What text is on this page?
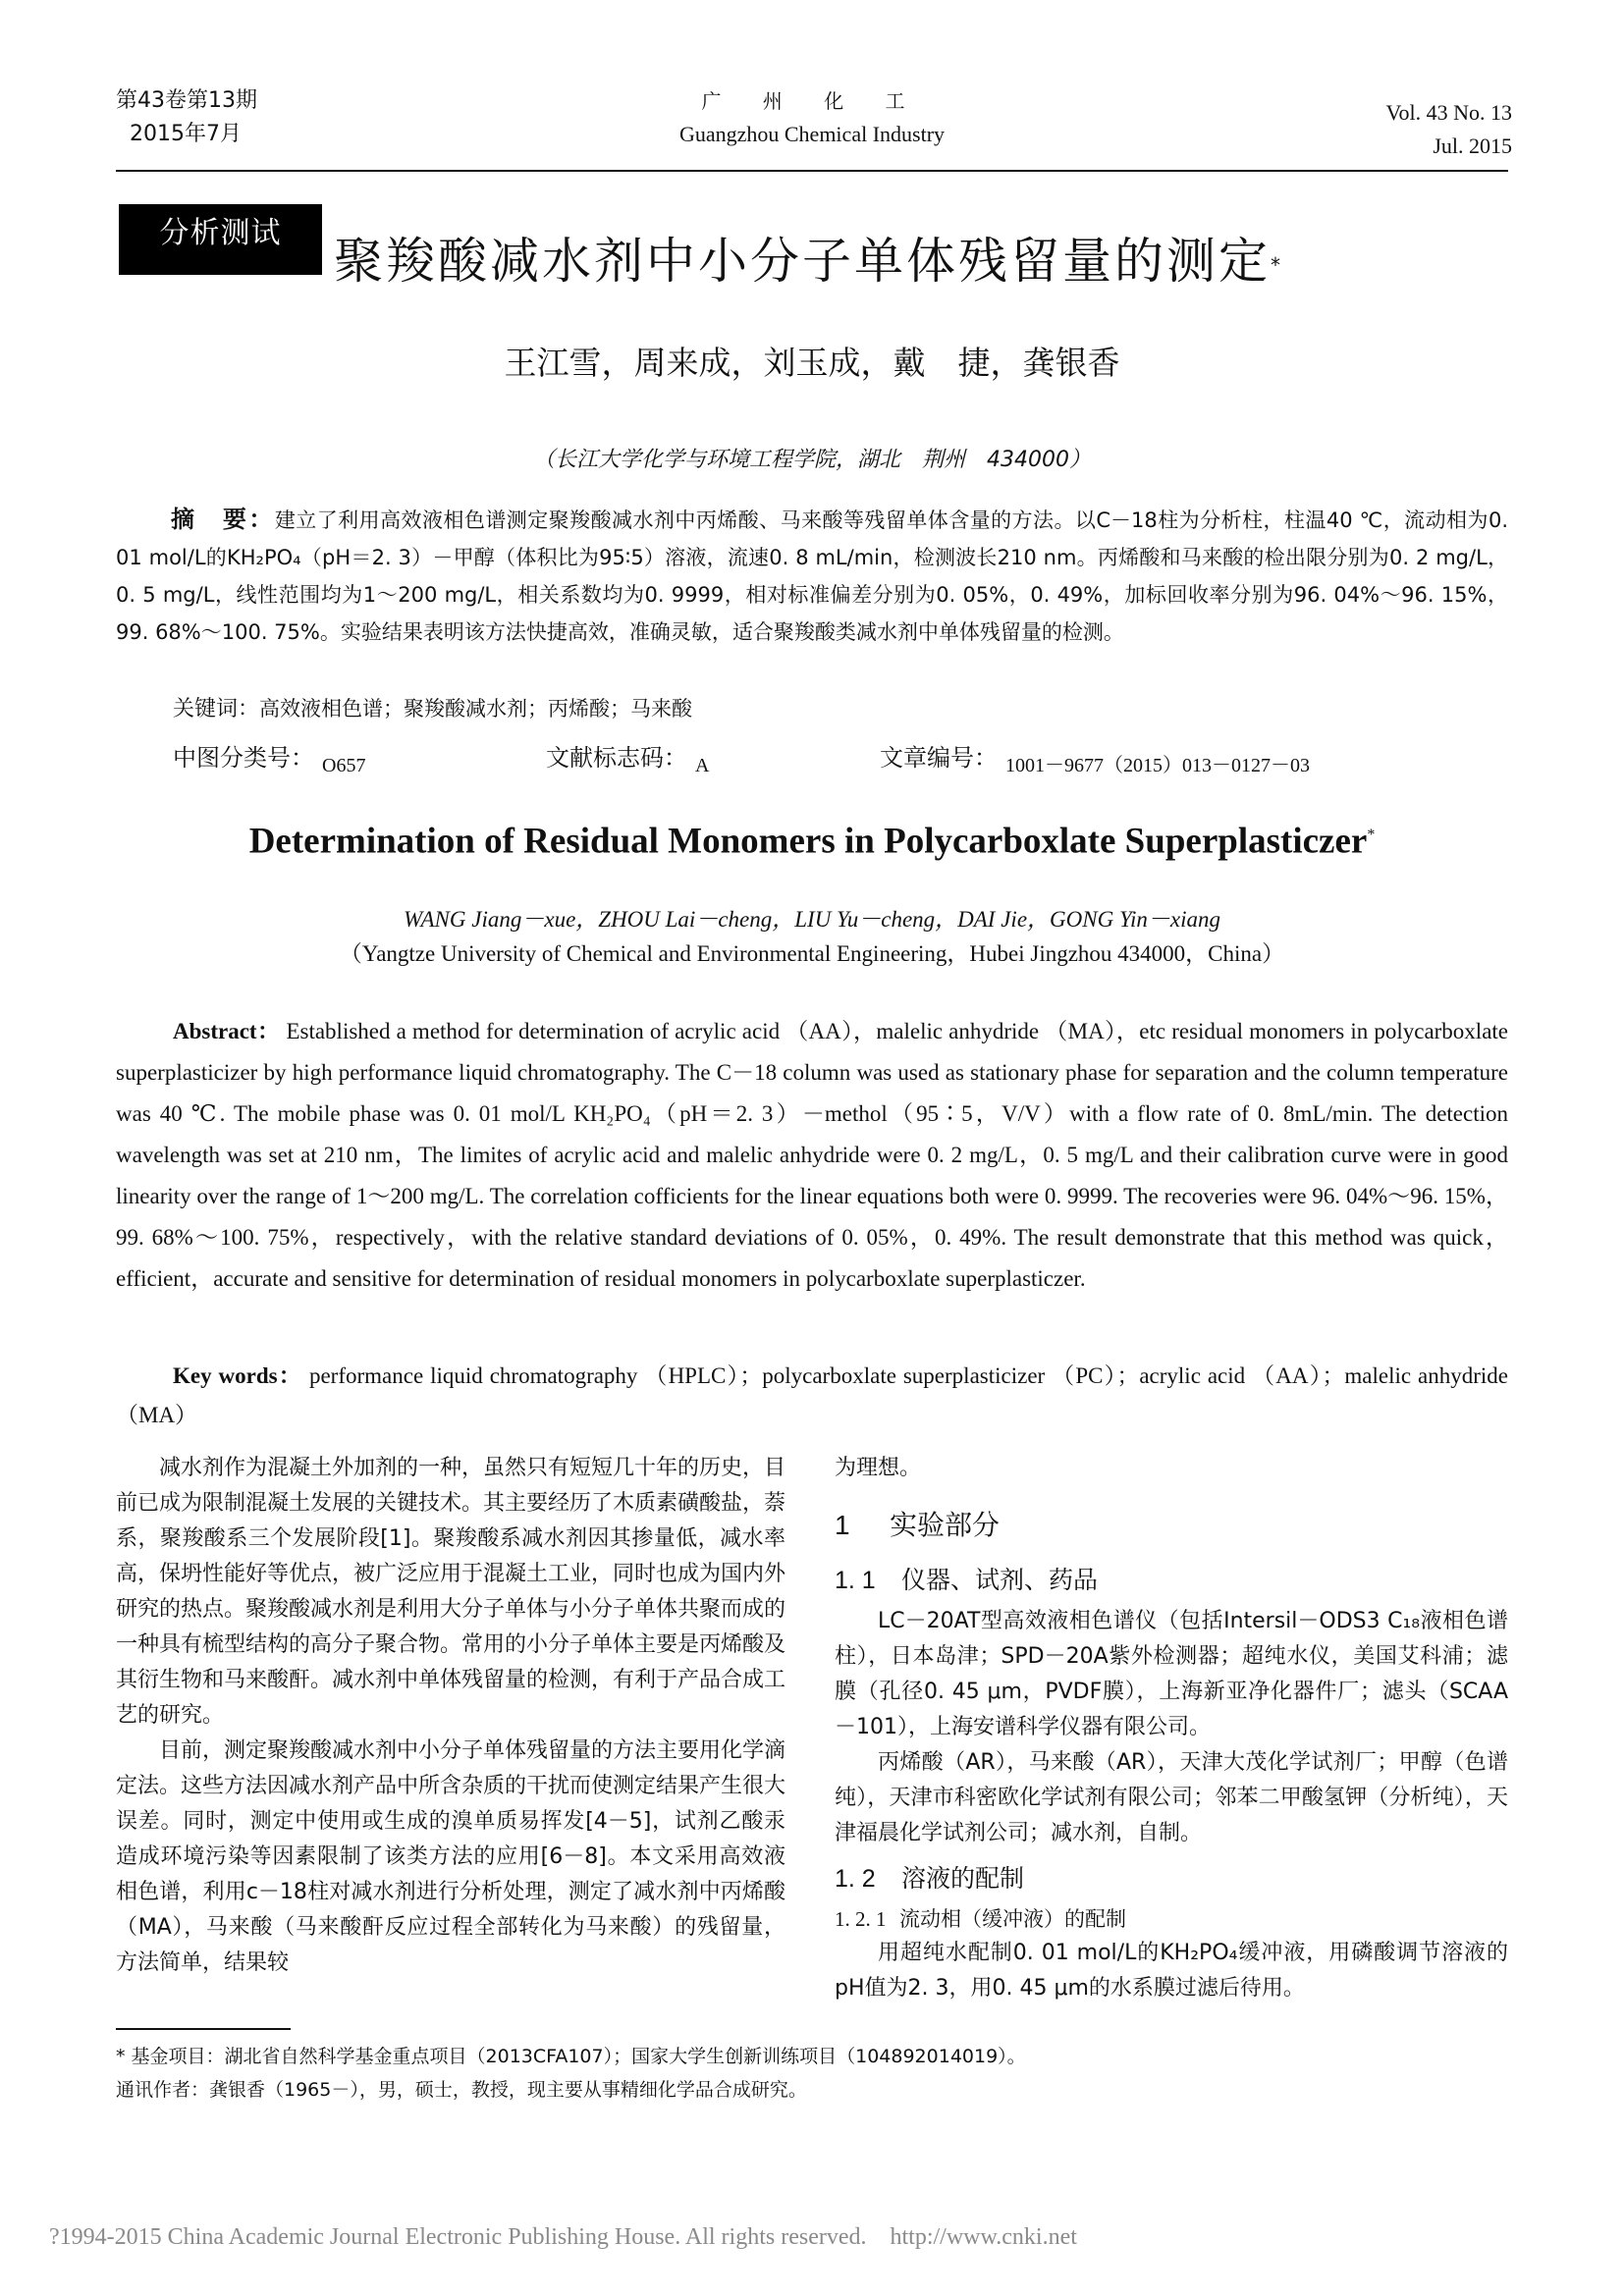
第43卷第13期
2015年7月
广 州 化 工
Guangzhou Chemical Industry
Vol. 43 No. 13
Jul. 2015
分析测试	聚羧酸减水剂中小分子单体残留量的测定*
王江雪，周来成，刘玉成，戴　捷，龚银香
（长江大学化学与环境工程学院，湖北　荆州　434000）
摘　要：建立了利用高效液相色谱测定聚羧酸减水剂中丙烯酸、马来酸等残留单体含量的方法。以C－18柱为分析柱，柱温40 ℃，流动相为0. 01 mol/L的KH₂PO₄（pH＝2. 3）－甲醇（体积比为95∶5）溶液，流速0. 8 mL/min，检测波长210 nm。丙烯酸和马来酸的检出限分别为0. 2 mg/L，0. 5 mg/L，线性范围均为1～200 mg/L，相关系数均为0. 9999，相对标准偏差分别为0. 05%，0. 49%，加标回收率分别为96. 04%～96. 15%，99. 68%～100. 75%。实验结果表明该方法快捷高效，准确灵敏，适合聚羧酸类减水剂中单体残留量的检测。
关键词：高效液相色谱；聚羧酸减水剂；丙烯酸；马来酸
中图分类号： $_{O657}$	文献标志码： $_A$	文章编号： $_{1001-9677(2015)013-0127-03}$
Determination of Residual Monomers in Polycarboxlate Superplasticzer*
WANG Jiang－xue，ZHOU Lai－cheng，LIU Yu－cheng，DAI Jie，GONG Yin－xiang
（Yangtze University of Chemical and Environmental Engineering，Hubei Jingzhou 434000，China）
Abstract： Established a method for determination of acrylic acid （AA），malelic anhydride （MA），etc residual monomers in polycarboxlate superplasticizer by high performance liquid chromatography. The C－18 column was used as stationary phase for separation and the column temperature was 40 ℃. The mobile phase was 0. 01 mol/L KH₂PO₄（pH＝2. 3）－methol（95∶5，V/V）with a flow rate of 0. 8mL/min. The detection wavelength was set at 210 nm，The limites of acrylic acid and malelic anhydride were 0. 2 mg/L，0. 5 mg/L and their calibration curve were in good linearity over the range of 1～200 mg/L. The correlation cofficients for the linear equations both were 0. 9999. The recoveries were 96. 04%～96. 15%，99. 68%～100. 75%，respectively，with the relative standard deviations of 0. 05%，0. 49%. The result demonstrate that this method was quick，efficient，accurate and sensitive for determination of residual monomers in polycarboxlate superplasticzer.
Key words： performance liquid chromatography （HPLC）；polycarboxlate superplasticizer （PC）；acrylic acid （AA）；malelic anhydride （MA）

减水剂作为混凝土外加剂的一种，虽然只有短短几十年的历史，目前已成为限制混凝土发展的关键技术。其主要经历了木质素磺酸盐，萘系，聚羧酸系三个发展阶段[1]。聚羧酸系减水剂因其掺量低，减水率高，保坍性能好等优点，被广泛应用于混凝土工业，同时也成为国内外研究的热点。聚羧酸减水剂是利用大分子单体与小分子单体共聚而成的一种具有梳型结构的高分子聚合物。常用的小分子单体主要是丙烯酸及其衍生物和马来酸酐。减水剂中单体残留量的检测，有利于产品合成工艺的研究。

目前，测定聚羧酸减水剂中小分子单体残留量的方法主要用化学滴定法。这些方法因减水剂产品中所含杂质的干扰而使测定结果产生很大误差。同时，测定中使用或生成的溴单质易挥发[4－5]，试剂乙酸汞造成环境污染等因素限制了该类方法的应用[6－8]。本文采用高效液相色谱，利用c－18柱对减水剂进行分析处理，测定了减水剂中丙烯酸（MA），马来酸（马来酸酐反应过程全部转化为马来酸）的残留量，方法简单，结果较

为理想。

1 实验部分
1. 1 仪器、试剂、药品

LC－20AT型高效液相色谱仪（包括Intersil－ODS3 C₁₈液相色谱柱），日本岛津；SPD－20A紫外检测器；超纯水仪，美国艾科浦；滤膜（孔径0. 45 μm，PVDF膜），上海新亚净化器件厂；滤头（SCAA－101），上海安谱科学仪器有限公司。

丙烯酸（AR），马来酸（AR），天津大茂化学试剂厂；甲醇（色谱纯），天津市科密欧化学试剂有限公司；邻苯二甲酸氢钾（分析纯），天津福晨化学试剂公司；减水剂，自制。

1. 2 溶液的配制
1. 2. 1 流动相（缓冲液）的配制

用超纯水配制0. 01 mol/L的KH₂PO₄缓冲液，用磷酸调节溶液的pH值为2. 3，用0. 45 μm的水系膜过滤后待用。

* 基金项目：湖北省自然科学基金重点项目（2013CFA107）；国家大学生创新训练项目（104892014019）。
通讯作者：龚银香（1965－），男，硕士，教授，现主要从事精细化学品合成研究。
?1994-2015 China Academic Journal Electronic Publishing House. All rights reserved.    http://www.cnki.net
